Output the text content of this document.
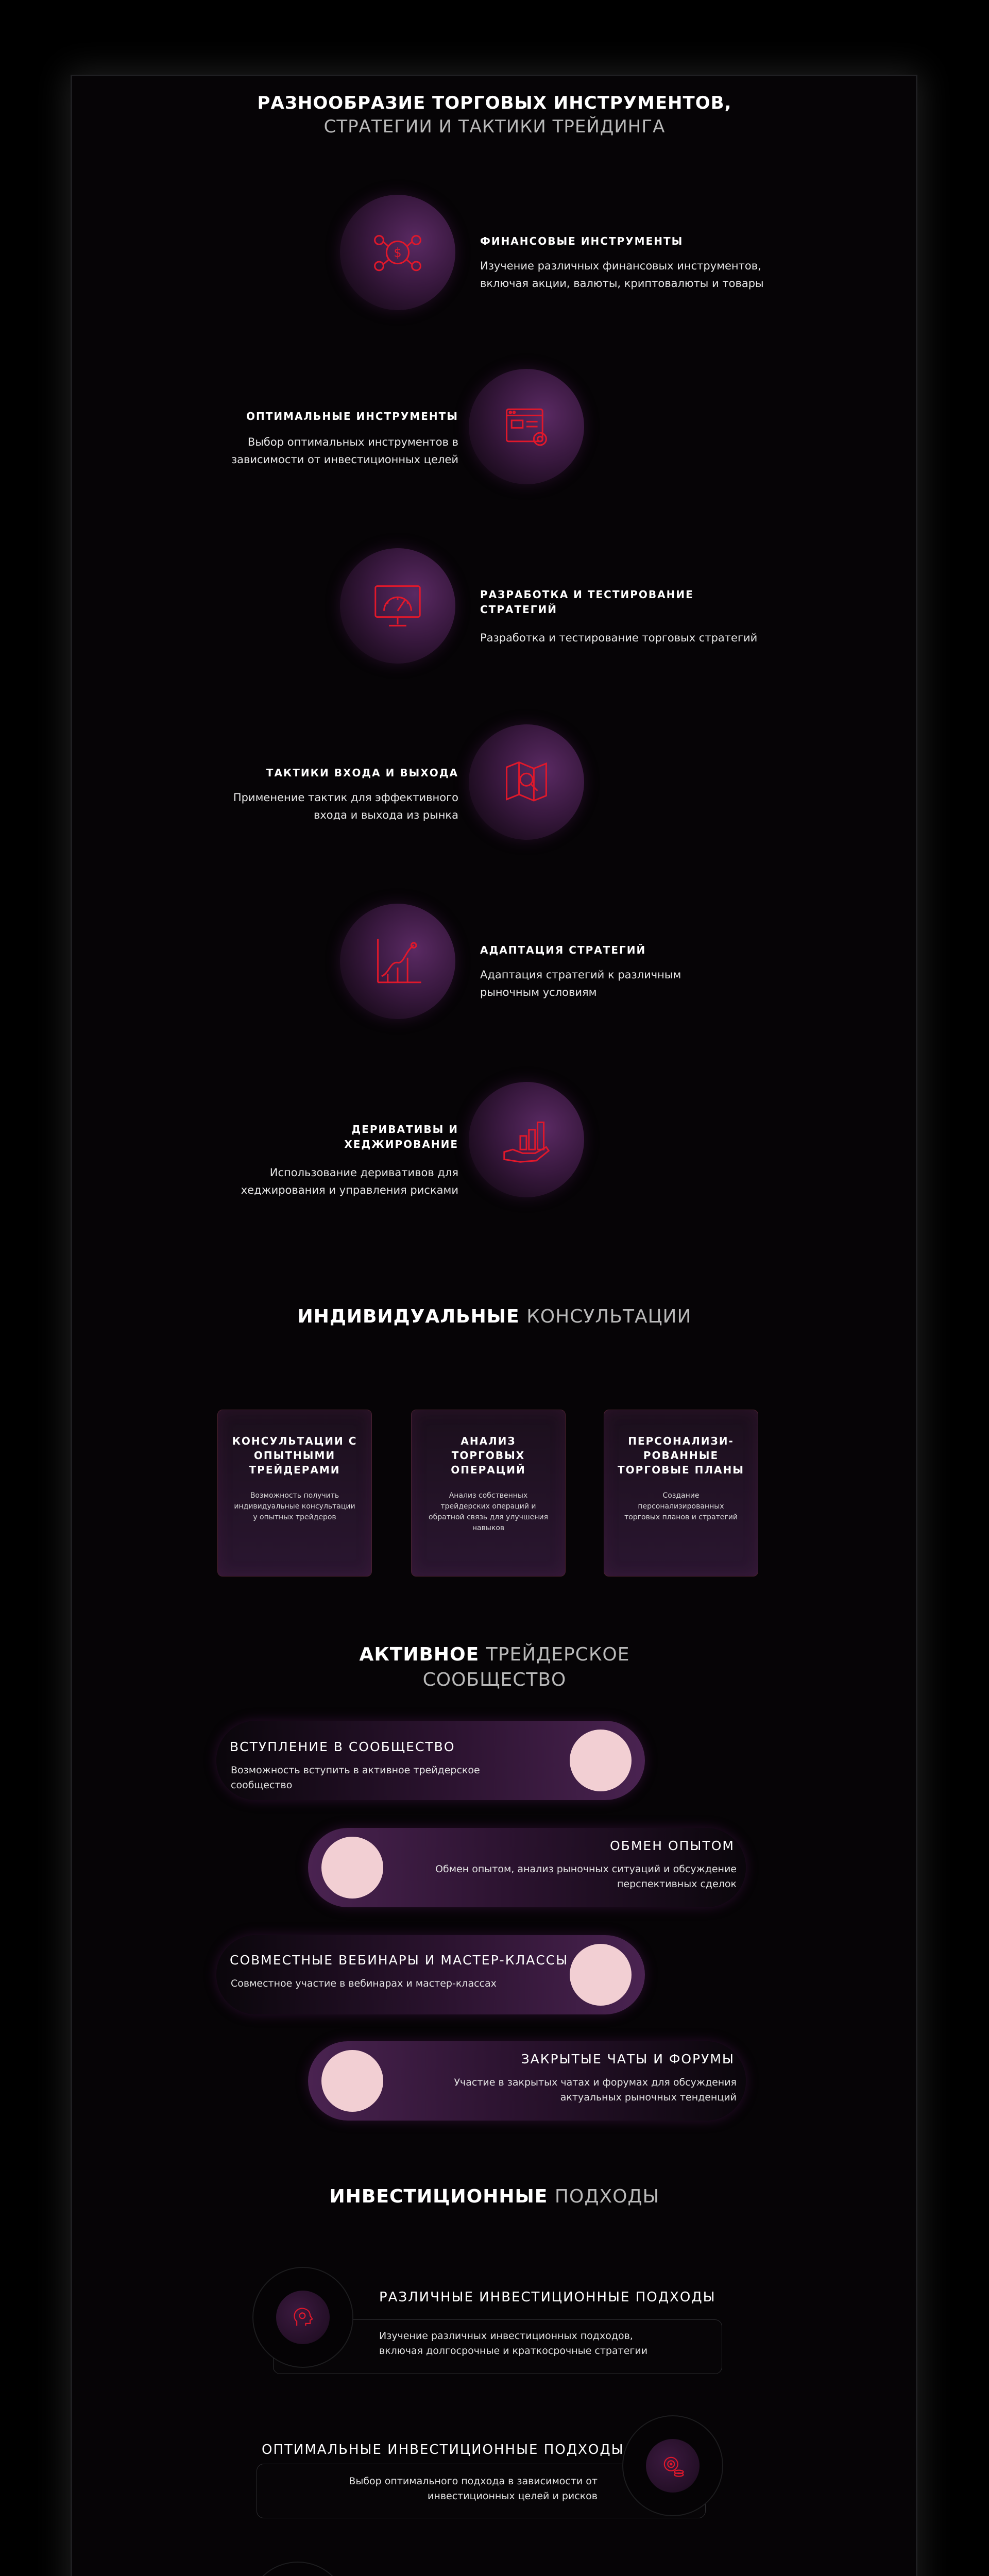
РАЗНООБРАЗИЕ ТОРГОВЫХ ИНСТРУМЕНТОВ,
СТРАТЕГИИ И ТАКТИКИ ТРЕЙДИНГА
$
ФИНАНСОВЫЕ ИНСТРУМЕНТЫ
Изучение различных финансовых инструментов, включая акции, валюты, криптовалюты и товары
ОПТИМАЛЬНЫЕ ИНСТРУМЕНТЫ
Выбор оптимальных инструментов в зависимости от инвестиционных целей
РАЗРАБОТКА И ТЕСТИРОВАНИЕ СТРАТЕГИЙ
Разработка и тестирование торговых стратегий
ТАКТИКИ ВХОДА И ВЫХОДА
Применение тактик для эффективного входа и выхода из рынка
АДАПТАЦИЯ СТРАТЕГИЙ
Адаптация стратегий к различным рыночным условиям
ДЕРИВАТИВЫ И ХЕДЖИРОВАНИЕ
Использование деривативов для хеджирования и управления рисками
ИНДИВИДУАЛЬНЫЕ КОНСУЛЬТАЦИИ
КОНСУЛЬТАЦИИ С ОПЫТНЫМИ ТРЕЙДЕРАМИ
Возможность получить индивидуальные консультации у опытных трейдеров
АНАЛИЗ ТОРГОВЫХ ОПЕРАЦИЙ
Анализ собственных трейдерских операций и обратной связь для улучшения навыков
ПЕРСОНАЛИЗИ-РОВАННЫЕ ТОРГОВЫЕ ПЛАНЫ
Создание персонализированных торговых планов и стратегий
АКТИВНОЕ ТРЕЙДЕРСКОЕ
СООБЩЕСТВО
ВСТУПЛЕНИЕ В СООБЩЕСТВО
Возможность вступить в активное трейдерское сообщество
ОБМЕН ОПЫТОМ
Обмен опытом, анализ рыночных ситуаций и обсуждение перспективных сделок
СОВМЕСТНЫЕ ВЕБИНАРЫ И МАСТЕР-КЛАССЫ
Совместное участие в вебинарах и мастер-классах
ЗАКРЫТЫЕ ЧАТЫ И ФОРУМЫ
Участие в закрытых чатах и форумах для обсуждения актуальных рыночных тенденций
ИНВЕСТИЦИОННЫЕ ПОДХОДЫ
РАЗЛИЧНЫЕ ИНВЕСТИЦИОННЫЕ ПОДХОДЫ
Изучение различных инвестиционных подходов, включая долгосрочные и краткосрочные стратегии
ОПТИМАЛЬНЫЕ ИНВЕСТИЦИОННЫЕ ПОДХОДЫ
Выбор оптимального подхода в зависимости от инвестиционных целей и рисков
